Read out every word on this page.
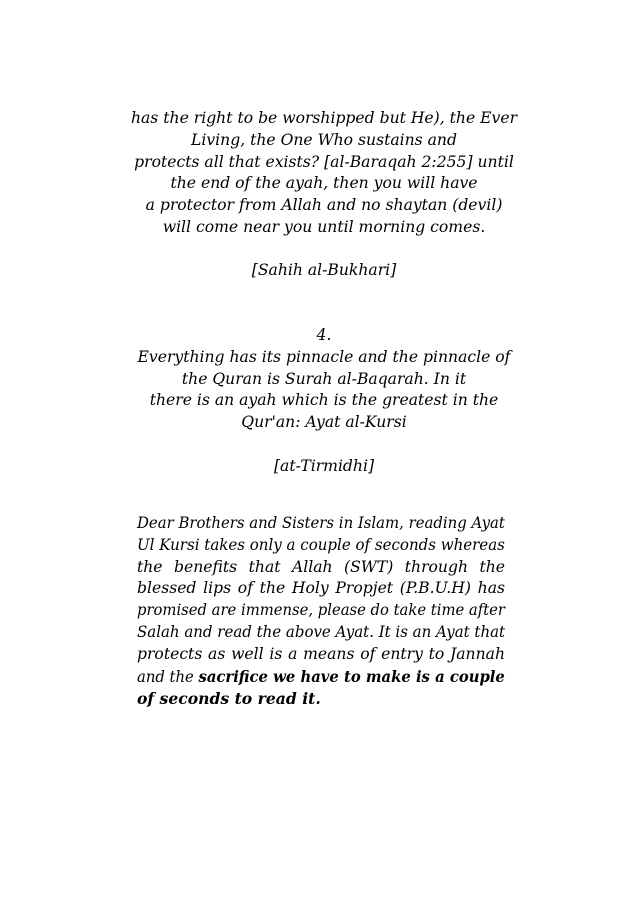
has the right to be worshipped but He), the Ever
Living, the One Who sustains and
protects all that exists? [al-Baraqah 2:255] until
the end of the ayah, then you will have
a protector from Allah and no shaytan (devil)
will come near you until morning comes.
[Sahih al-Bukhari]
4.
Everything has its pinnacle and the pinnacle of
the Quran is Surah al-Baqarah. In it
there is an ayah which is the greatest in the
Qur'an: Ayat al-Kursi
[at-Tirmidhi]
Dear Brothers and Sisters in Islam, reading Ayat
Ul Kursi takes only a couple of seconds whereas
the benefits that Allah (SWT) through the
blessed lips of the Holy Propjet (P.B.U.H) has
promised are immense, please do take time after
Salah and read the above Ayat. It is an Ayat that
protects as well is a means of entry to Jannah
and the sacrifice we have to make is a couple
of seconds to read it.
